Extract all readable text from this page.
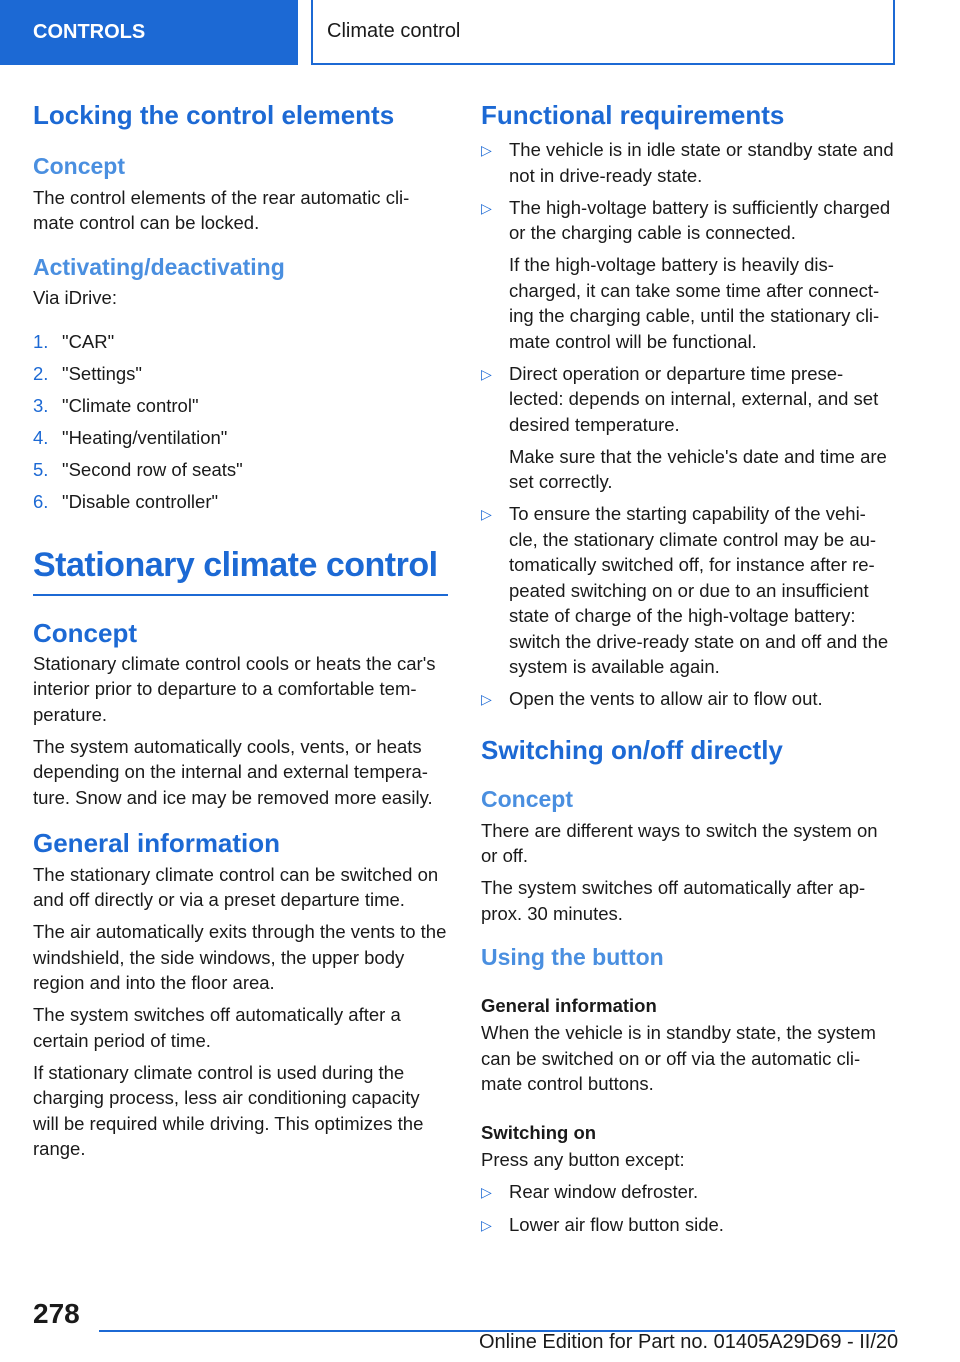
CONTROLS	Climate control
Locking the control elements
Concept

The control elements of the rear automatic cli‐ mate control can be locked.

Activating/deactivating

Via iDrive:

1. "CAR"
2. "Settings"
3. "Climate control"
4. "Heating/ventilation"
5. "Second row of seats"
6. "Disable controller"
Stationary climate control
Concept

Stationary climate control cools or heats the car's interior prior to departure to a comfortable tem‐ perature.

The system automatically cools, vents, or heats depending on the internal and external tempera‐ ture. Snow and ice may be removed more easily.

General information

The stationary climate control can be switched on and off directly or via a preset departure time.

The air automatically exits through the vents to the windshield, the side windows, the upper body region and into the floor area.

The system switches off automatically after a certain period of time.

If stationary climate control is used during the charging process, less air conditioning capacity will be required while driving. This optimizes the range.

Functional requirements
▷ The vehicle is in idle state or standby state and not in drive-ready state.

▷ The high-voltage battery is sufficiently charged or the charging cable is connected.

If the high-voltage battery is heavily dis‐ charged, it can take some time after connect‐ ing the charging cable, until the stationary cli‐ mate control will be functional.

▷ Direct operation or departure time prese‐ lected: depends on internal, external, and set desired temperature.

Make sure that the vehicle's date and time are set correctly.

▷ To ensure the starting capability of the vehi‐ cle, the stationary climate control may be au‐ tomatically switched off, for instance after re‐ peated switching on or due to an insufficient state of charge of the high-voltage battery: switch the drive-ready state on and off and the system is available again.

▷ Open the vents to allow air to flow out.

Switching on/off directly
Concept

There are different ways to switch the system on or off.

The system switches off automatically after ap‐ prox. 30 minutes.

Using the button
General information

When the vehicle is in standby state, the system can be switched on or off via the automatic cli‐ mate control buttons.

Switching on

Press any button except:

▷ Rear window defroster.

▷ Lower air flow button side.

278
Online Edition for Part no. 01405A29D69 - II/20
